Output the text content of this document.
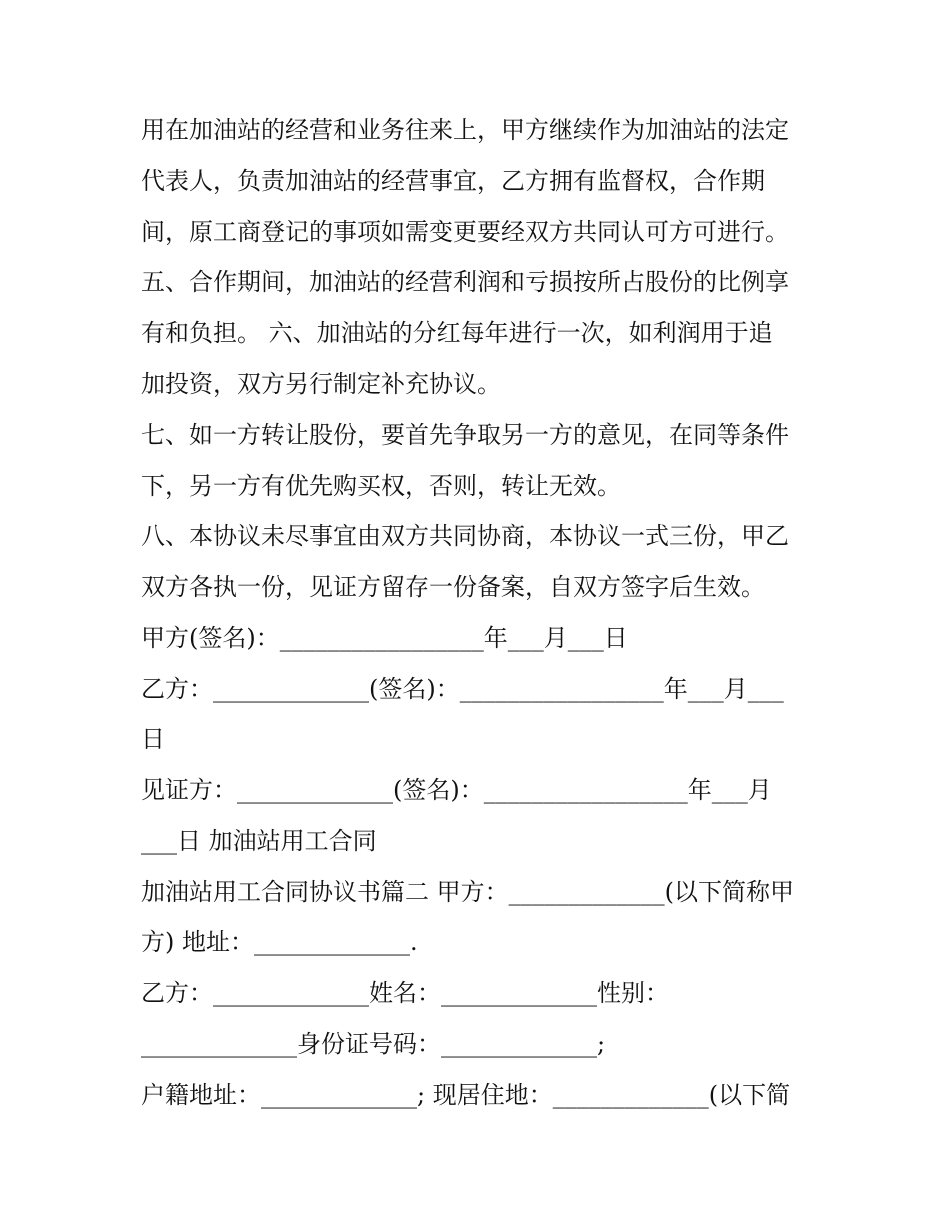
用在加油站的经营和业务往来上，甲方继续作为加油站的法定
代表人，负责加油站的经营事宜，乙方拥有监督权，合作期
间，原工商登记的事项如需变更要经双方共同认可方可进行。
五、合作期间，加油站的经营利润和亏损按所占股份的比例享
有和负担。 六、加油站的分红每年进行一次，如利润用于追
加投资，双方另行制定补充协议。
七、如一方转让股份，要首先争取另一方的意见，在同等条件
下，另一方有优先购买权，否则，转让无效。
八、本协议未尽事宜由双方共同协商，本协议一式三份，甲乙
双方各执一份，见证方留存一份备案，自双方签字后生效。
甲方(签名)：_________________年___月___日
乙方：_____________(签名)：_________________年___月___
日
见证方：_____________(签名)：_________________年___月
___日 加油站用工合同
加油站用工合同协议书篇二 甲方：_____________(以下简称甲
方) 地址：_____________.
乙方：_____________姓名：_____________性别：
_____________身份证号码：_____________;
户籍地址：_____________; 现居住地：_____________(以下简
